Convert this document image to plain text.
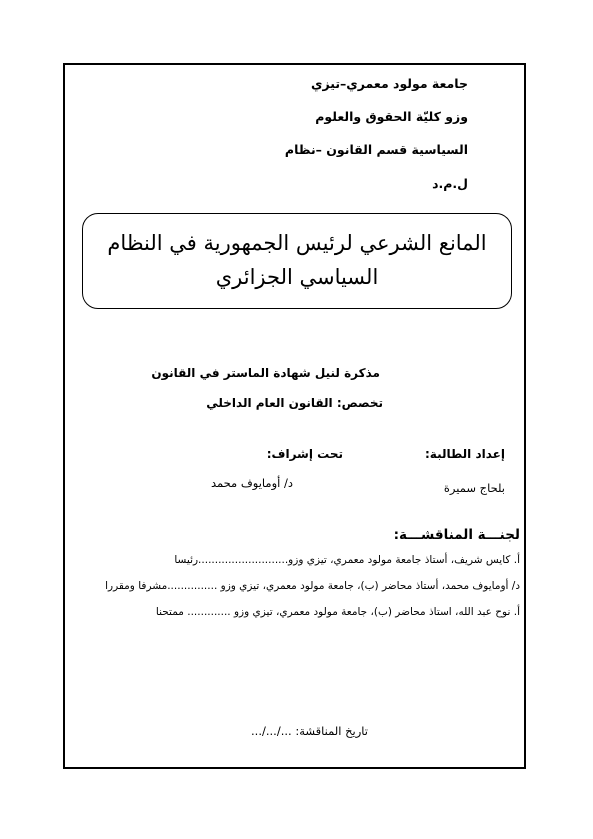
جامعة مولود معمري–تيزي
وزو كليّة الحقوق والعلوم
السياسية قسم القانون –نظام
ل.م.د
المانع الشرعي لرئيس الجمهورية في النظام
السياسي الجزائري
مذكرة لنيل شهادة الماستر في القانون
تخصص: القانون العام الداخلي
إعداد الطالبة:
تحت إشراف:
بلحاج سميرة
د/ أومايوف محمد
لجنـــة المناقشـــة:
أ. كايس شريف، أستاذ جامعة مولود معمري، تيزي وزو...........................رئيسا
د/ أومايوف محمد، أستاذ محاضر (ب)، جامعة مولود معمري، تيزي وزو ...............مشرفا ومقررا
أ. نوح عبد الله، استاذ محاضر (ب)، جامعة مولود معمري، تيزي وزو ............. ممتحنا
تاريخ المناقشة: .../.../...
